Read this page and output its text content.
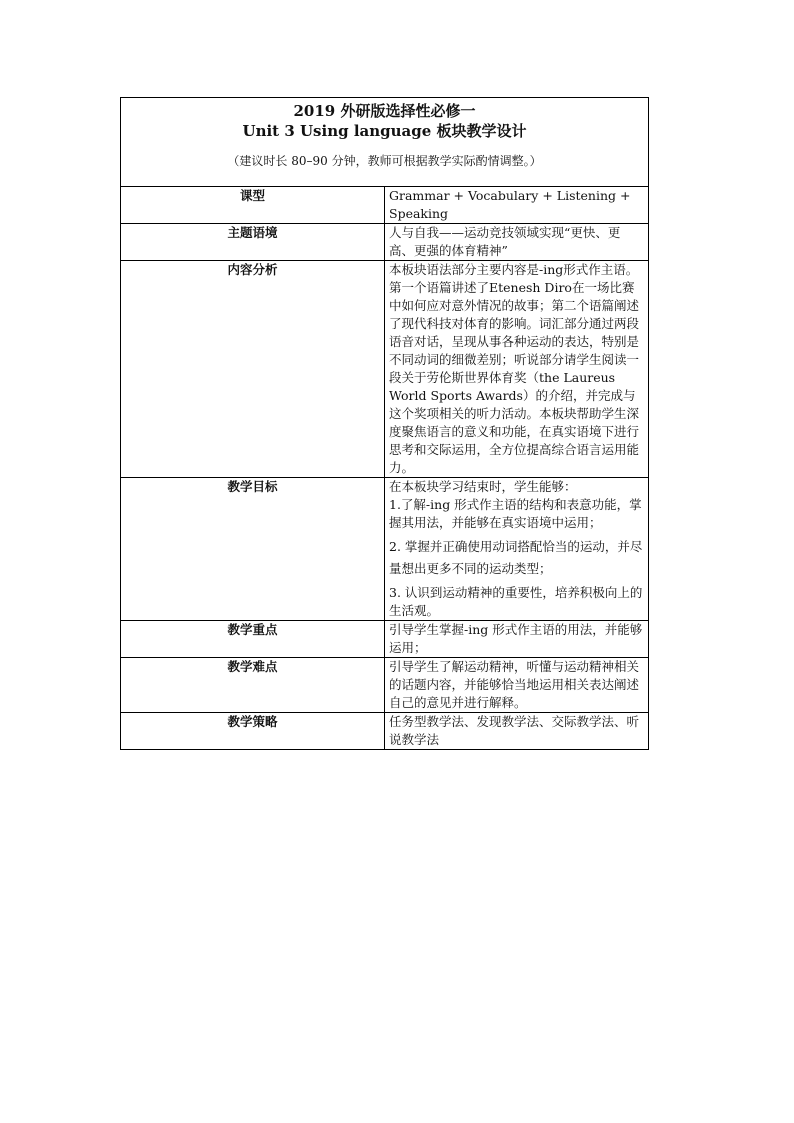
2019 外研版选择性必修一
Unit 3 Using language 板块教学设计
（建议时长 80–90 分钟，教师可根据教学实际酌情调整。）	

课型	Grammar + Vocabulary + Listening + Speaking
主题语境	人与自我——运动竞技领域实现“更快、更高、更强的体育精神”
内容分析	本板块语法部分主要内容是-ing形式作主语。第一个语篇讲述了Etenesh Diro在一场比赛中如何应对意外情况的故事；第二个语篇阐述了现代科技对体育的影响。词汇部分通过两段语音对话，呈现从事各种运动的表达，特别是不同动词的细微差别；听说部分请学生阅读一段关于劳伦斯世界体育奖（the Laureus World Sports Awards）的介绍，并完成与这个奖项相关的听力活动。本板块帮助学生深度聚焦语言的意义和功能，在真实语境下进行思考和交际运用，全方位提高综合语言运用能力。
教学目标	在本板块学习结束时，学生能够：
1.了解-ing 形式作主语的结构和表意功能，掌握其用法，并能够在真实语境中运用；
2. 掌握并正确使用动词搭配恰当的运动，并尽量想出更多不同的运动类型；
3. 认识到运动精神的重要性，培养积极向上的生活观。

教学重点	引导学生掌握-ing 形式作主语的用法，并能够运用；
教学难点	引导学生了解运动精神，听懂与运动精神相关的话题内容，并能够恰当地运用相关表达阐述自己的意见并进行解释。
教学策略	任务型教学法、发现教学法、交际教学法、听说教学法
